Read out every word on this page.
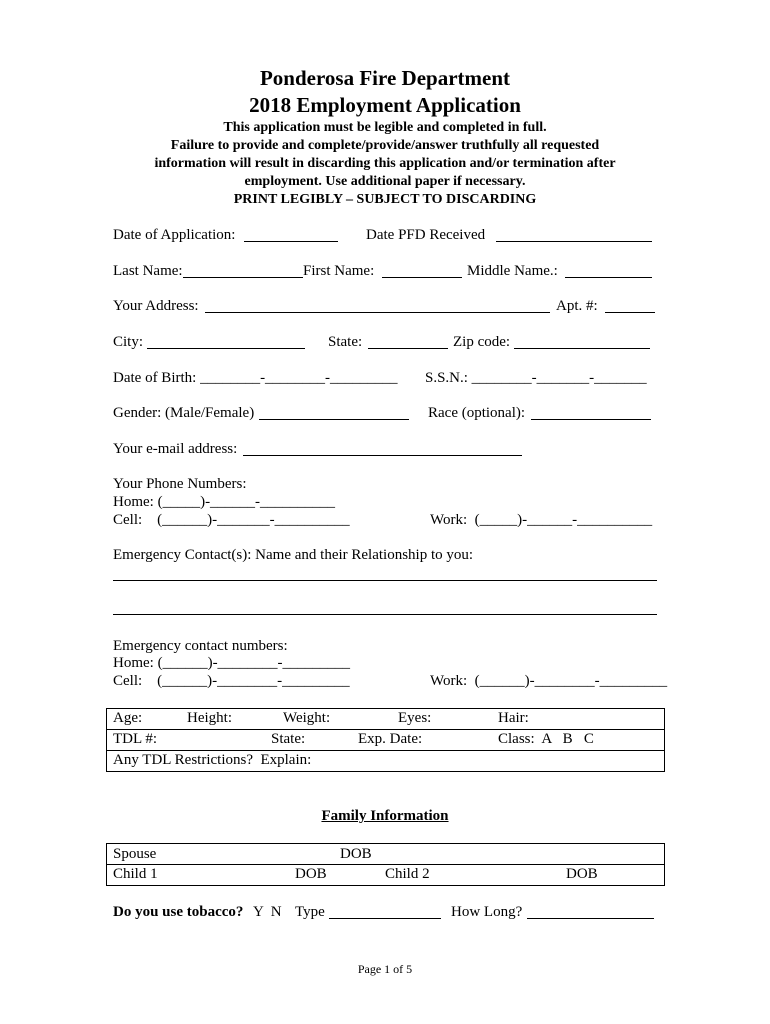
Ponderosa Fire Department
2018 Employment Application
This application must be legible and completed in full.
Failure to provide and complete/provide/answer truthfully all requested
information will result in discarding this application and/or termination after
employment. Use additional paper if necessary.
PRINT LEGIBLY – SUBJECT TO DISCARDING
Date of Application:	Date PFD Received
Last Name:	First Name:	Middle Name.:
Your Address:	Apt. #:
City:	State:	Zip code:
Date of Birth: ________-________-_________ S.S.N.: ________-_______-_______
Gender: (Male/Female)	Race (optional):
Your e-mail address:
Your Phone Numbers:
Home: (_____)-______-__________
Cell:    (______)-_______-__________	Work:  (_____)-______-__________
Emergency Contact(s): Name and their Relationship to you:
Emergency contact numbers:
Home: (______)-________-_________
Cell:    (______)-________-_________	Work:  (______)-________-_________
Age:	Height:	Weight:	Eyes:	Hair:
TDL #:	State:	Exp. Date:	Class:  A   B   C
Any TDL Restrictions?  Explain:
Family Information
Spouse	DOB
Child 1	DOB	Child 2	DOB
Do you use tobacco? Y  N Type	How Long?
Page 1 of 5
